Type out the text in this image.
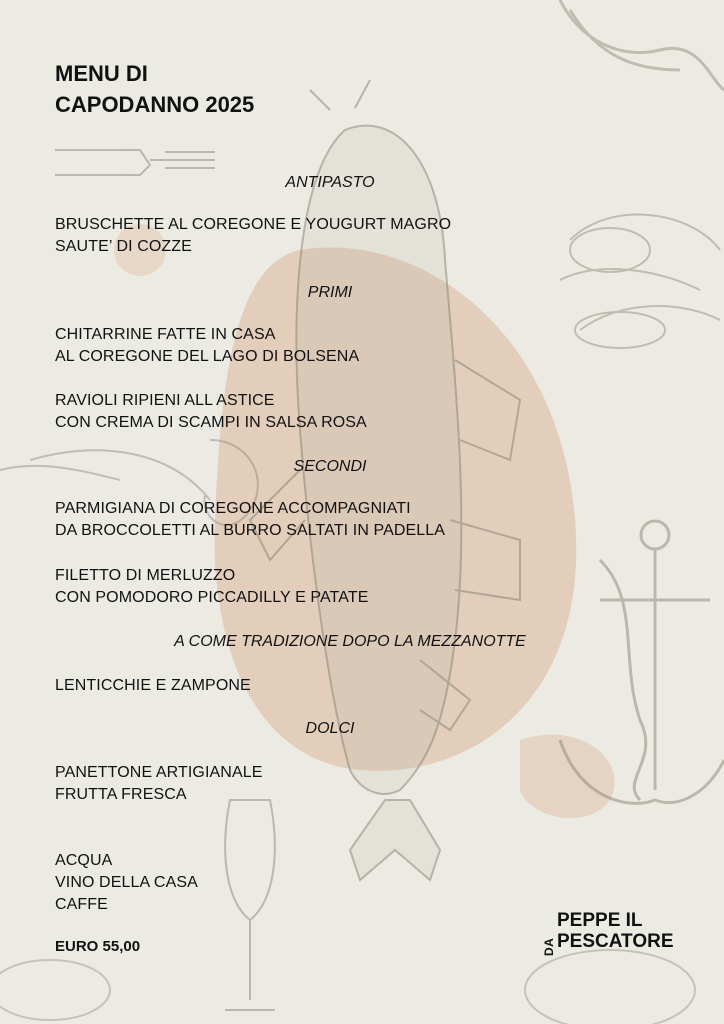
MENU DI
CAPODANNO 2025
ANTIPASTO
BRUSCHETTE AL COREGONE E YOUGURT MAGRO
SAUTE’ DI COZZE
PRIMI
CHITARRINE FATTE IN CASA
AL COREGONE DEL LAGO DI BOLSENA
RAVIOLI RIPIENI ALL ASTICE
CON CREMA DI SCAMPI IN SALSA ROSA
SECONDI
PARMIGIANA DI COREGONE ACCOMPAGNIATI
DA BROCCOLETTI AL BURRO SALTATI IN PADELLA
FILETTO DI MERLUZZO
CON POMODORO PICCADILLY E PATATE
A COME TRADIZIONE DOPO LA MEZZANOTTE
LENTICCHIE E ZAMPONE
DOLCI
PANETTONE ARTIGIANALE
FRUTTA FRESCA
ACQUA
VINO DELLA CASA
CAFFE
EURO 55,00	DA
PEPPE IL
PESCATORE
